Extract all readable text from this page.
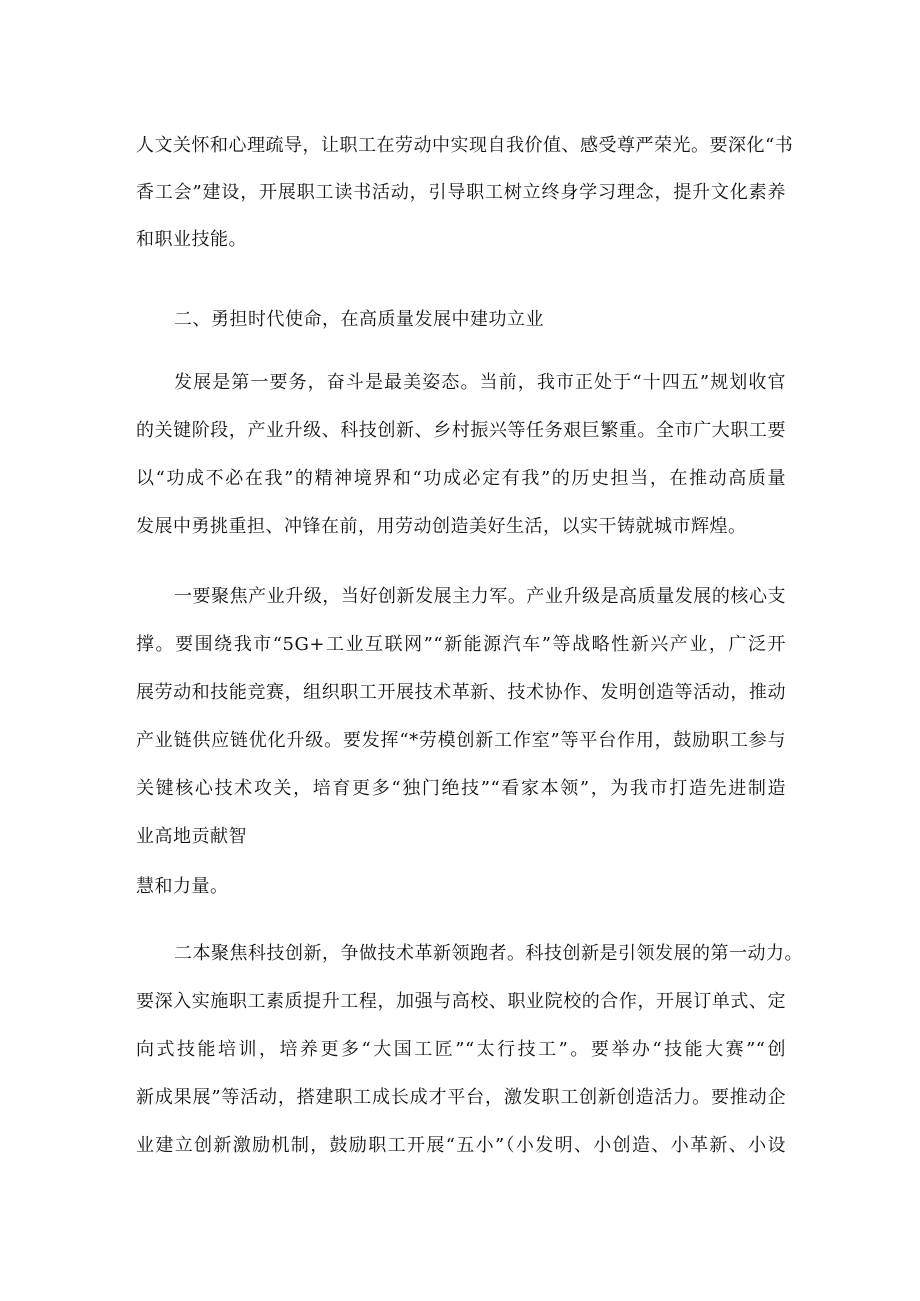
人文关怀和心理疏导，让职工在劳动中实现自我价值、感受尊严荣光。要深化“书
香工会”建设，开展职工读书活动，引导职工树立终身学习理念，提升文化素养
和职业技能。
二、勇担时代使命，在高质量发展中建功立业
发展是第一要务，奋斗是最美姿态。当前，我市正处于“十四五”规划收官
的关键阶段，产业升级、科技创新、乡村振兴等任务艰巨繁重。全市广大职工要
以“功成不必在我”的精神境界和“功成必定有我”的历史担当，在推动高质量
发展中勇挑重担、冲锋在前，用劳动创造美好生活，以实干铸就城市辉煌。
一要聚焦产业升级，当好创新发展主力军。产业升级是高质量发展的核心支
撑。要围绕我市“5G+工业互联网”“新能源汽车”等战略性新兴产业，广泛开
展劳动和技能竞赛，组织职工开展技术革新、技术协作、发明创造等活动，推动
产业链供应链优化升级。要发挥“*劳模创新工作室”等平台作用，鼓励职工参与
关键核心技术攻关，培育更多“独门绝技”“看家本领”，为我市打造先进制造
业高地贡献智
慧和力量。
二本聚焦科技创新，争做技术革新领跑者。科技创新是引领发展的第一动力。
要深入实施职工素质提升工程，加强与高校、职业院校的合作，开展订单式、定
向式技能培训，培养更多“大国工匠”“太行技工”。要举办“技能大赛”“创
新成果展”等活动，搭建职工成长成才平台，激发职工创新创造活力。要推动企
业建立创新激励机制，鼓励职工开展“五小”（小发明、小创造、小革新、小设
